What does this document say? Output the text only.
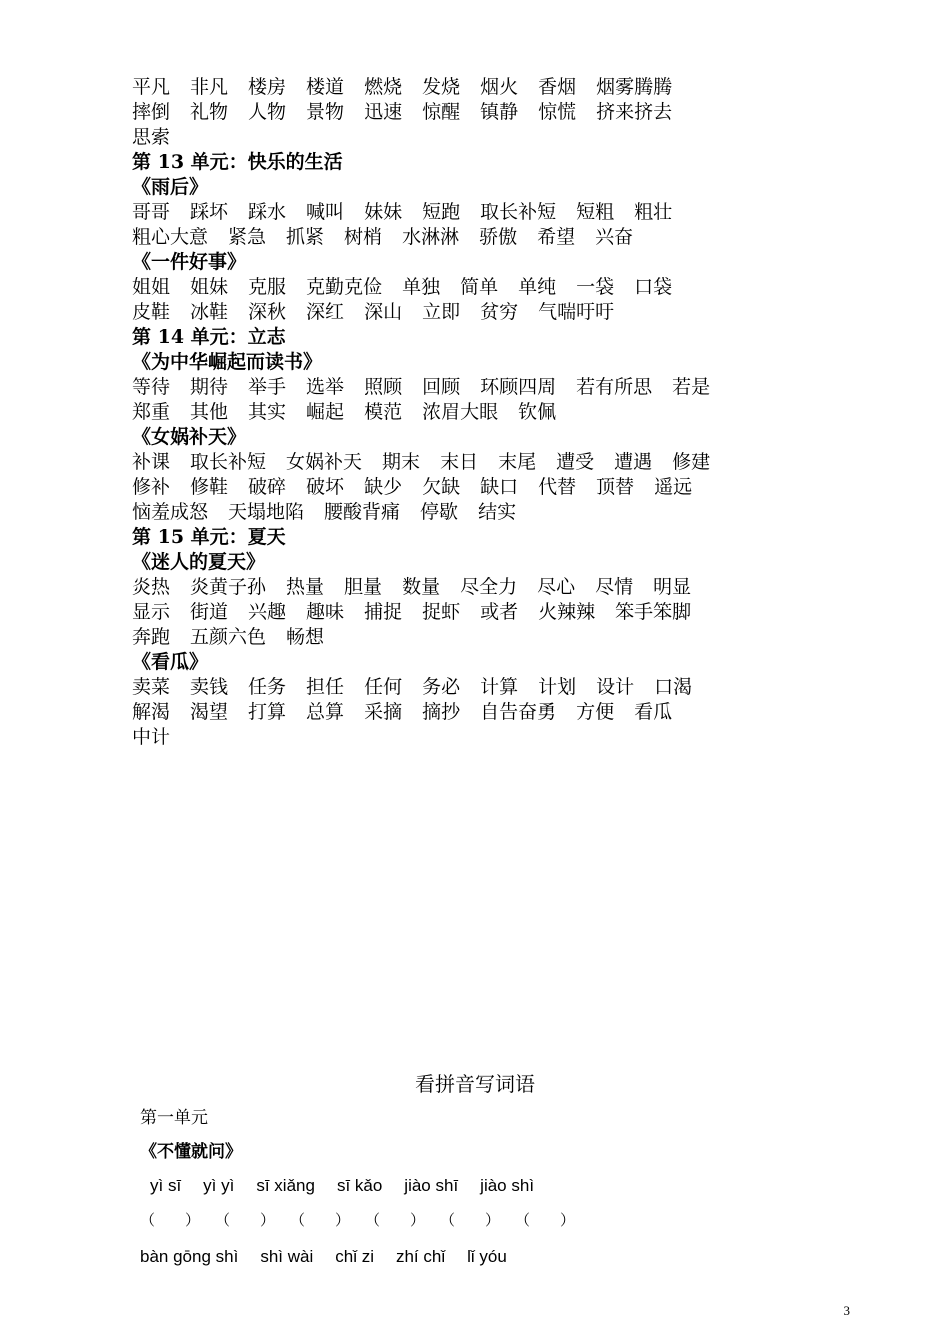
平凡 非凡 楼房 楼道 燃烧 发烧 烟火 香烟 烟雾腾腾
摔倒 礼物 人物 景物 迅速 惊醒 镇静 惊慌 挤来挤去
思索
第 13 单元：快乐的生活
《雨后》
哥哥 踩坏 踩水 喊叫 妹妹 短跑 取长补短 短粗 粗壮
粗心大意 紧急 抓紧 树梢 水淋淋 骄傲 希望 兴奋
《一件好事》
姐姐 姐妹 克服 克勤克俭 单独 简单 单纯 一袋 口袋
皮鞋 冰鞋 深秋 深红 深山 立即 贫穷 气喘吁吁
第 14 单元：立志
《为中华崛起而读书》
等待 期待 举手 选举 照顾 回顾 环顾四周 若有所思 若是
郑重 其他 其实 崛起 模范 浓眉大眼 钦佩
《女娲补天》
补课 取长补短 女娲补天 期末 末日 末尾 遭受 遭遇 修建
修补 修鞋 破碎 破坏 缺少 欠缺 缺口 代替 顶替 遥远
恼羞成怒 天塌地陷 腰酸背痛 停歇 结实
第 15 单元：夏天
《迷人的夏天》
炎热 炎黄子孙 热量 胆量 数量 尽全力 尽心 尽情 明显
显示 街道 兴趣 趣味 捕捉 捉虾 或者 火辣辣 笨手笨脚
奔跑 五颜六色 畅想
《看瓜》
卖菜 卖钱 任务 担任 任何 务必 计算 计划 设计 口渴
解渴 渴望 打算 总算 采摘 摘抄 自告奋勇 方便 看瓜
中计
看拼音写词语
第一单元
《不懂就问》
yì sī yì yì sī xiǎng sī kǎo jiào shī jiào shì
（　　） （　　） （　　） （　　） （　　） （　　）
bàn gōng shì shì wài chǐ zi zhí chǐ lǐ yóu
3
